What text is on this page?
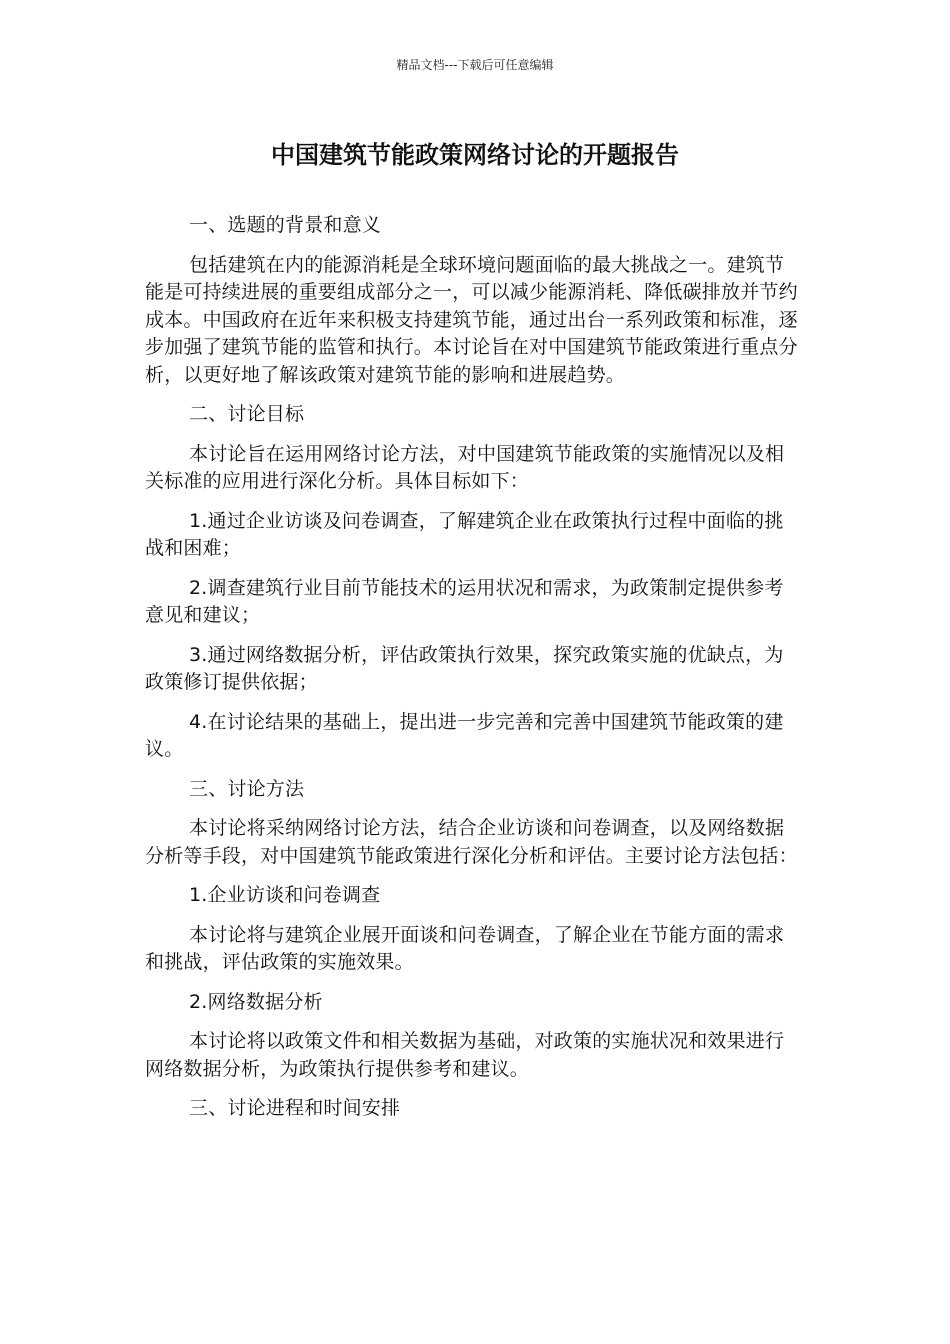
精品文档---下载后可任意编辑
中国建筑节能政策网络讨论的开题报告

一、选题的背景和意义

包括建筑在内的能源消耗是全球环境问题面临的最大挑战之一。建筑节能是可持续进展的重要组成部分之一，可以减少能源消耗、降低碳排放并节约成本。中国政府在近年来积极支持建筑节能，通过出台一系列政策和标准，逐步加强了建筑节能的监管和执行。本讨论旨在对中国建筑节能政策进行重点分析，以更好地了解该政策对建筑节能的影响和进展趋势。

二、讨论目标

本讨论旨在运用网络讨论方法，对中国建筑节能政策的实施情况以及相关标准的应用进行深化分析。具体目标如下：

1.通过企业访谈及问卷调查，了解建筑企业在政策执行过程中面临的挑战和困难；

2.调查建筑行业目前节能技术的运用状况和需求，为政策制定提供参考意见和建议；

3.通过网络数据分析，评估政策执行效果，探究政策实施的优缺点，为政策修订提供依据；

4.在讨论结果的基础上，提出进一步完善和完善中国建筑节能政策的建议。

三、讨论方法

本讨论将采纳网络讨论方法，结合企业访谈和问卷调查，以及网络数据分析等手段，对中国建筑节能政策进行深化分析和评估。主要讨论方法包括：

1.企业访谈和问卷调查

本讨论将与建筑企业展开面谈和问卷调查，了解企业在节能方面的需求和挑战，评估政策的实施效果。

2.网络数据分析

本讨论将以政策文件和相关数据为基础，对政策的实施状况和效果进行网络数据分析，为政策执行提供参考和建议。

三、讨论进程和时间安排
